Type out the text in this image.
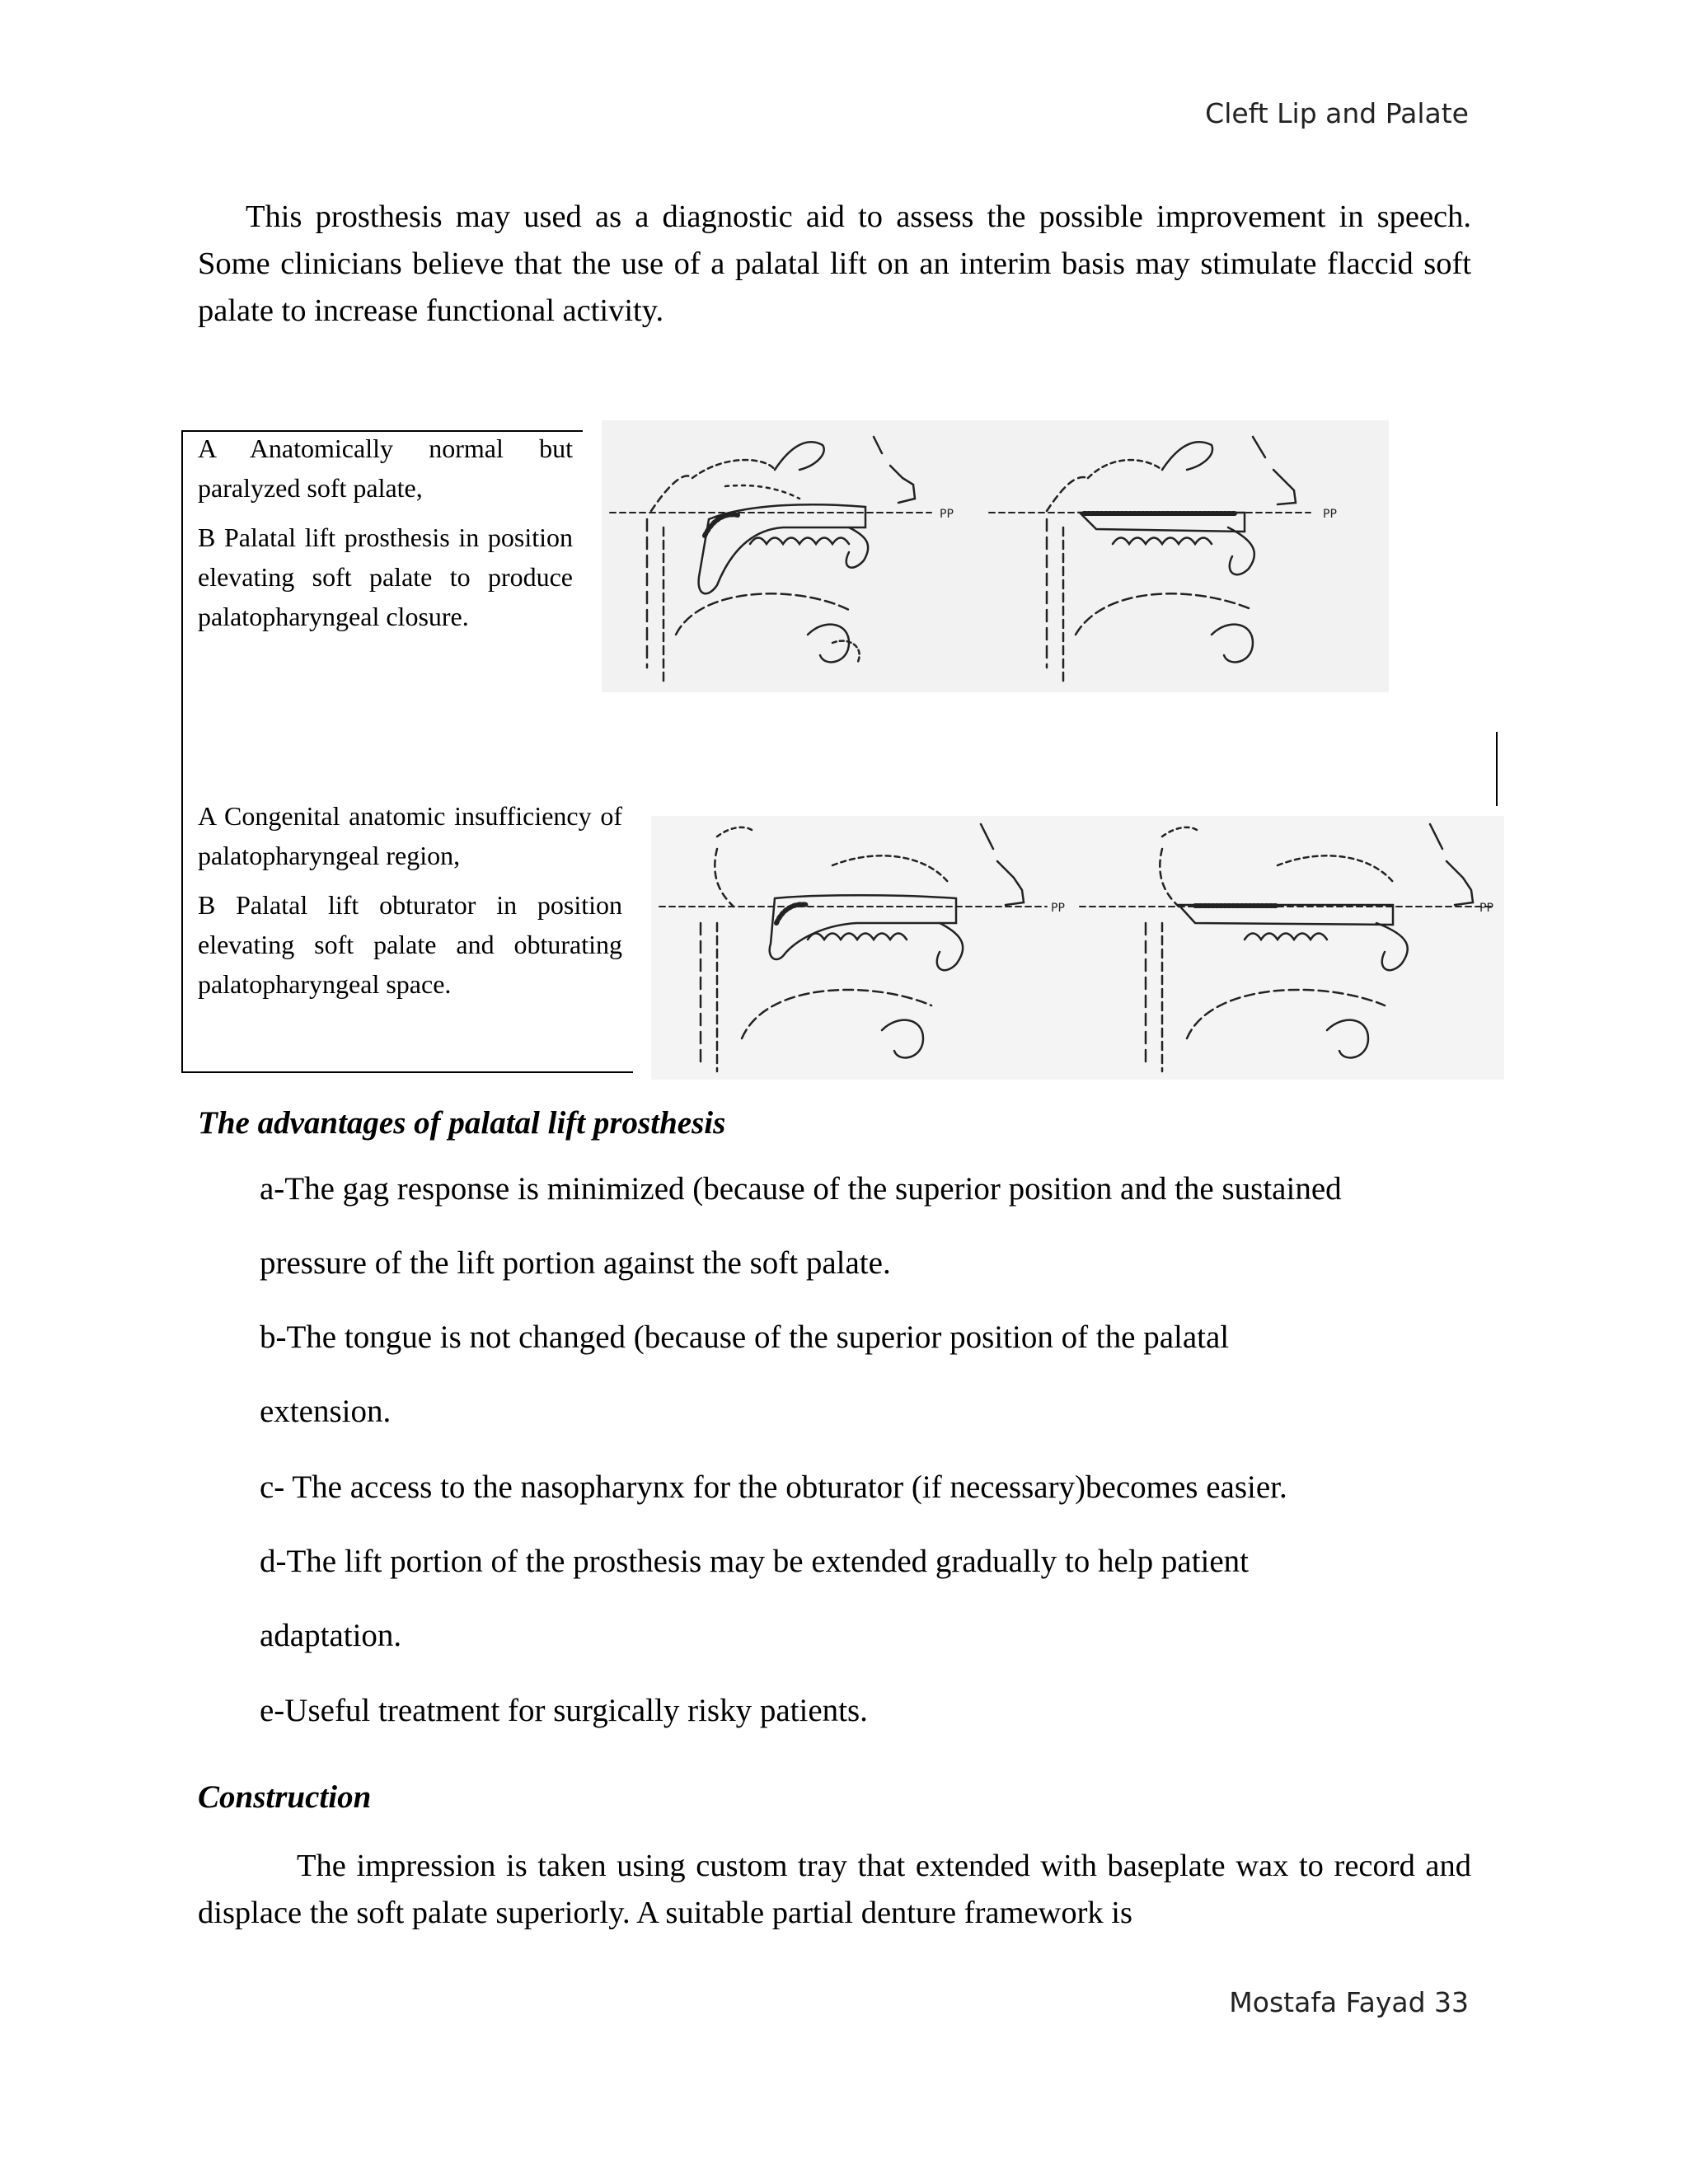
Cleft Lip and Palate
This prosthesis may used as a diagnostic aid to assess the possible improvement in speech. Some clinicians believe that the use of a palatal lift on an interim basis may stimulate flaccid soft palate to increase functional activity.

A Anatomically normal but paralyzed soft palate,

B Palatal lift prosthesis in position elevating soft palate to produce palatopharyngeal closure.

PP	PP

A Congenital anatomic insufficiency of palatopharyngeal region,

B Palatal lift obturator in position elevating soft palate and obturating palatopharyngeal space.

PP	PP
The advantages of palatal lift prosthesis
a-The gag response is minimized (because of the superior position and the sustained
pressure of the lift portion against the soft palate.
b-The tongue is not changed (because of the superior position of the palatal
extension.
c- The access to the nasopharynx for the obturator (if necessary)becomes easier.
d-The lift portion of the prosthesis may be extended gradually to help patient
adaptation.
e-Useful treatment for surgically risky patients.
Construction
The impression is taken using custom tray that extended with baseplate wax to record and displace the soft palate superiorly. A suitable partial denture framework is
Mostafa Fayad 33
